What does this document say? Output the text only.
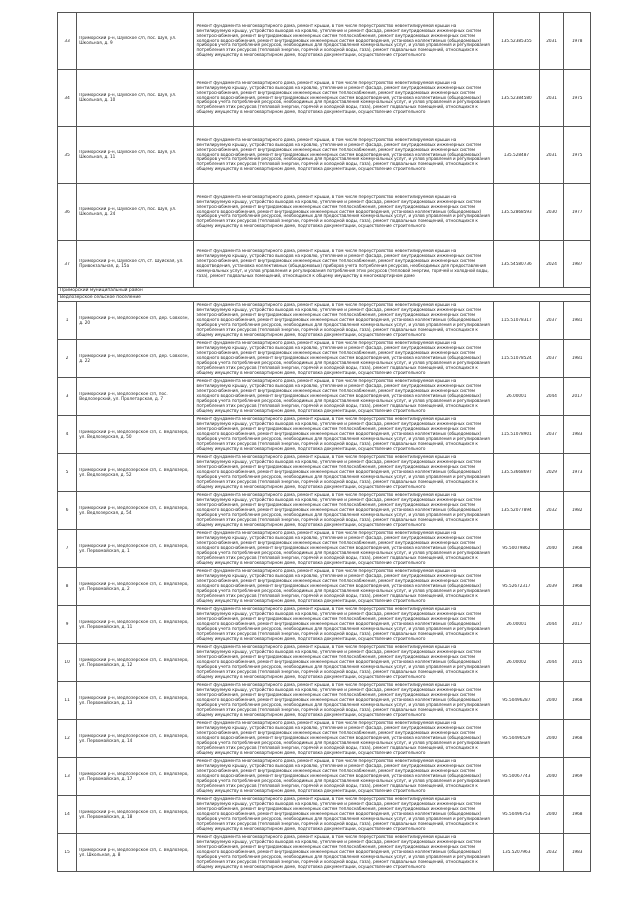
33	Приморский р-н, Шуйское с/п, пос. Шуя, ул. Школьная, д. 9	Ремонт фундамента многоквартирного дома, ремонт крыши, в том числе переустройство невентилируемой крыши на вентилируемую крышу, устройство выходов на кровлю, утепление и ремонт фасада, ремонт внутридомовых инженерных систем электроснабжения, ремонт внутридомовых инженерных систем теплоснабжения, ремонт внутридомовых инженерных систем холодного водоснабжения, ремонт внутридомовых инженерных систем водоотведения, установка коллективных (общедомовых) приборов учета потребления ресурсов, необходимых для предоставления коммунальных услуг, и узлов управления и регулирования потребления этих ресурсов (тепловой энергии, горячей и холодной воды, газа), ремонт подвальных помещений, относящихся к общему имуществу в многоквартирном доме, подготовка документации, осуществление строительного	135.52385355	2031	1978

34	Приморский р-н, Шуйское с/п, пос. Шуя, ул. Школьная, д. 10	Ремонт фундамента многоквартирного дома, ремонт крыши, в том числе переустройство невентилируемой крыши на вентилируемую крышу, устройство выходов на кровлю, утепление и ремонт фасада, ремонт внутридомовых инженерных систем электроснабжения, ремонт внутридомовых инженерных систем теплоснабжения, ремонт внутридомовых инженерных систем холодного водоснабжения, ремонт внутридомовых инженерных систем водоотведения, установка коллективных (общедомовых) приборов учета потребления ресурсов, необходимых для предоставления коммунальных услуг, и узлов управления и регулирования потребления этих ресурсов (тепловой энергии, горячей и холодной воды, газа), ремонт подвальных помещений, относящихся к общему имуществу в многоквартирном доме, подготовка документации, осуществление строительного	135.52384580	2031	1975

35	Приморский р-н, Шуйское с/п, пос. Шуя, ул. Школьная, д. 11	Ремонт фундамента многоквартирного дома, ремонт крыши, в том числе переустройство невентилируемой крыши на вентилируемую крышу, устройство выходов на кровлю, утепление и ремонт фасада, ремонт внутридомовых инженерных систем электроснабжения, ремонт внутридомовых инженерных систем теплоснабжения, ремонт внутридомовых инженерных систем холодного водоснабжения, ремонт внутридомовых инженерных систем водоотведения, установка коллективных (общедомовых) приборов учета потребления ресурсов, необходимых для предоставления коммунальных услуг, и узлов управления и регулирования потребления этих ресурсов (тепловой энергии, горячей и холодной воды, газа), ремонт подвальных помещений, относящихся к общему имуществу в многоквартирном доме, подготовка документации, осуществление строительного	135.528487	2031	1975

36	Приморский р-н, Шуйское с/п, пос. Шуя, ул. Школьная, д. 24	Ремонт фундамента многоквартирного дома, ремонт крыши, в том числе переустройство невентилируемой крыши на вентилируемую крышу, устройство выходов на кровлю, утепление и ремонт фасада, ремонт внутридомовых инженерных систем электроснабжения, ремонт внутридомовых инженерных систем теплоснабжения, ремонт внутридомовых инженерных систем холодного водоснабжения, ремонт внутридомовых инженерных систем водоотведения, установка коллективных (общедомовых) приборов учета потребления ресурсов, необходимых для предоставления коммунальных услуг, и узлов управления и регулирования потребления этих ресурсов (тепловой энергии, горячей и холодной воды, газа), ремонт подвальных помещений, относящихся к общему имуществу в многоквартирном доме, подготовка документации, осуществление строительного	135.52868593	2030	1977

37	Приморский р-н, Шуйское с/п, ст. Шуйская, ул. Привокзальная, д. 15а	Ремонт фундамента многоквартирного дома, ремонт крыши, в том числе переустройство невентилируемой крыши на вентилируемую крышу, устройство выходов на кровлю, утепление и ремонт фасада, ремонт внутридомовых инженерных систем электроснабжения, ремонт внутридомовых инженерных систем теплоснабжения, ремонт внутридомовых инженерных систем водоотведения, установка коллективных (общедомовых) приборов учета потребления ресурсов, необходимых для предоставления коммунальных услуг, и узлов управления и регулирования потребления этих ресурсов (тепловой энергии, горячей и холодной воды, газа), ремонт подвальных помещений, относящихся к общему имуществу в многоквартирном доме	135.54580736	2024	1987

Приморский муниципальный район					
Ведлозерское сельское поселение					

1	Приморский р-н, Ведлозерское с/п, дер. Совхозн, д. 20	Ремонт фундамента многоквартирного дома, ремонт крыши, в том числе переустройство невентилируемой крыши на вентилируемую крышу, устройство выходов на кровлю, утепление и ремонт фасада, ремонт внутридомовых инженерных систем электроснабжения, ремонт внутридомовых инженерных систем теплоснабжения, ремонт внутридомовых инженерных систем холодного водоснабжения, ремонт внутридомовых инженерных систем водоотведения, установка коллективных (общедомовых) приборов учета потребления ресурсов, необходимых для предоставления коммунальных услуг, и узлов управления и регулирования потребления этих ресурсов (тепловой энергии, горячей и холодной воды, газа), ремонт подвальных помещений, относящихся к общему имуществу в многоквартирном доме, подготовка документации, осуществление строительного	115.51078317	2037	1981

2	Приморский р-н, Ведлозерское с/п, дер. Совхозн, д. 22	Ремонт фундамента многоквартирного дома, ремонт крыши, в том числе переустройство невентилируемой крыши на вентилируемую крышу, устройство выходов на кровлю, утепление и ремонт фасада, ремонт внутридомовых инженерных систем электроснабжения, ремонт внутридомовых инженерных систем теплоснабжения, ремонт внутридомовых инженерных систем холодного водоснабжения, ремонт внутридомовых инженерных систем водоотведения, установка коллективных (общедомовых) приборов учета потребления ресурсов, необходимых для предоставления коммунальных услуг, и узлов управления и регулирования потребления этих ресурсов (тепловой энергии, горячей и холодной воды, газа), ремонт подвальных помещений, относящихся к общему имуществу в многоквартирном доме, подготовка документации, осуществление строительного	115.51078524	2037	1981

3	Приморский р-н, Ведлозерское с/п, пос. Ведлозерский, ул. Пролетарская, д. 7	Ремонт фундамента многоквартирного дома, ремонт крыши, в том числе переустройство невентилируемой крыши на вентилируемую крышу, устройство выходов на кровлю, утепление и ремонт фасада, ремонт внутридомовых инженерных систем электроснабжения, ремонт внутридомовых инженерных систем теплоснабжения, ремонт внутридомовых инженерных систем холодного водоснабжения, ремонт внутридомовых инженерных систем водоотведения, установка коллективных (общедомовых) приборов учета потребления ресурсов, необходимых для предоставления коммунальных услуг, и узлов управления и регулирования потребления этих ресурсов (тепловой энергии, горячей и холодной воды, газа), ремонт подвальных помещений, относящихся к общему имуществу в многоквартирном доме, подготовка документации, осуществление строительного	26.00001	2044	2017

4	Приморский р-н, Ведлозерское с/п, с. Ведлозеро, ул. Ведлозерская, д. 50	Ремонт фундамента многоквартирного дома, ремонт крыши, в том числе переустройство невентилируемой крыши на вентилируемую крышу, устройство выходов на кровлю, утепление и ремонт фасада, ремонт внутридомовых инженерных систем электроснабжения, ремонт внутридомовых инженерных систем теплоснабжения, ремонт внутридомовых инженерных систем холодного водоснабжения, ремонт внутридомовых инженерных систем водоотведения, установка коллективных (общедомовых) приборов учета потребления ресурсов, необходимых для предоставления коммунальных услуг, и узлов управления и регулирования потребления этих ресурсов (тепловой энергии, горячей и холодной воды, газа), ремонт подвальных помещений, относящихся к общему имуществу в многоквартирном доме, подготовка документации, осуществление строительного	115.51078901	2037	1983

5	Приморский р-н, Ведлозерское с/п, с. Ведлозеро, ул. Ведлозерская, д. 52	Ремонт фундамента многоквартирного дома, ремонт крыши, в том числе переустройство невентилируемой крыши на вентилируемую крышу, устройство выходов на кровлю, утепление и ремонт фасада, ремонт внутридомовых инженерных систем электроснабжения, ремонт внутридомовых инженерных систем теплоснабжения, ремонт внутридомовых инженерных систем холодного водоснабжения, ремонт внутридомовых инженерных систем водоотведения, установка коллективных (общедомовых) приборов учета потребления ресурсов, необходимых для предоставления коммунальных услуг, и узлов управления и регулирования потребления этих ресурсов (тепловой энергии, горячей и холодной воды, газа), ремонт подвальных помещений, относящихся к общему имуществу в многоквартирном доме, подготовка документации, осуществление строительного	135.53668697	2029	1973

6	Приморский р-н, Ведлозерское с/п, с. Ведлозеро, ул. Ведлозерская, д. 54	Ремонт фундамента многоквартирного дома, ремонт крыши, в том числе переустройство невентилируемой крыши на вентилируемую крышу, устройство выходов на кровлю, утепление и ремонт фасада, ремонт внутридомовых инженерных систем электроснабжения, ремонт внутридомовых инженерных систем теплоснабжения, ремонт внутридомовых инженерных систем холодного водоснабжения, ремонт внутридомовых инженерных систем водоотведения, установка коллективных (общедомовых) приборов учета потребления ресурсов, необходимых для предоставления коммунальных услуг, и узлов управления и регулирования потребления этих ресурсов (тепловой энергии, горячей и холодной воды, газа), ремонт подвальных помещений, относящихся к общему имуществу в многоквартирном доме, подготовка документации, осуществление строительного	135.52077894	2032	1982

7	Приморский р-н, Ведлозерское с/п, с. Ведлозеро, ул. Первомайская, д. 1	Ремонт фундамента многоквартирного дома, ремонт крыши, в том числе переустройство невентилируемой крыши на вентилируемую крышу, устройство выходов на кровлю, утепление и ремонт фасада, ремонт внутридомовых инженерных систем электроснабжения, ремонт внутридомовых инженерных систем теплоснабжения, ремонт внутридомовых инженерных систем холодного водоснабжения, ремонт внутридомовых инженерных систем водоотведения, установка коллективных (общедомовых) приборов учета потребления ресурсов, необходимых для предоставления коммунальных услуг, и узлов управления и регулирования потребления этих ресурсов (тепловой энергии, горячей и холодной воды, газа), ремонт подвальных помещений, относящихся к общему имуществу в многоквартирном доме, подготовка документации, осуществление строительного	95.50079862	2040	1968

8	Приморский р-н, Ведлозерское с/п, с. Ведлозеро, ул. Первомайская, д. 2	Ремонт фундамента многоквартирного дома, ремонт крыши, в том числе переустройство невентилируемой крыши на вентилируемую крышу, устройство выходов на кровлю, утепление и ремонт фасада, ремонт внутридомовых инженерных систем электроснабжения, ремонт внутридомовых инженерных систем теплоснабжения, ремонт внутридомовых инженерных систем холодного водоснабжения, ремонт внутридомовых инженерных систем водоотведения, установка коллективных (общедомовых) приборов учета потребления ресурсов, необходимых для предоставления коммунальных услуг, и узлов управления и регулирования потребления этих ресурсов (тепловой энергии, горячей и холодной воды, газа), ремонт подвальных помещений, относящихся к общему имуществу в многоквартирном доме, подготовка документации, осуществление строительного	95.52672317	2039	1968

9	Приморский р-н, Ведлозерское с/п, с. Ведлозеро, ул. Первомайская, д. 11	Ремонт фундамента многоквартирного дома, ремонт крыши, в том числе переустройство невентилируемой крыши на вентилируемую крышу, устройство выходов на кровлю, утепление и ремонт фасада, ремонт внутридомовых инженерных систем электроснабжения, ремонт внутридомовых инженерных систем теплоснабжения, ремонт внутридомовых инженерных систем холодного водоснабжения, ремонт внутридомовых инженерных систем водоотведения, установка коллективных (общедомовых) приборов учета потребления ресурсов, необходимых для предоставления коммунальных услуг, и узлов управления и регулирования потребления этих ресурсов (тепловой энергии, горячей и холодной воды, газа), ремонт подвальных помещений, относящихся к общему имуществу в многоквартирном доме, подготовка документации, осуществление строительного	26.00001	2044	2017

10	Приморский р-н, Ведлозерское с/п, с. Ведлозеро, ул. Первомайская, д. 12	Ремонт фундамента многоквартирного дома, ремонт крыши, в том числе переустройство невентилируемой крыши на вентилируемую крышу, устройство выходов на кровлю, утепление и ремонт фасада, ремонт внутридомовых инженерных систем электроснабжения, ремонт внутридомовых инженерных систем теплоснабжения, ремонт внутридомовых инженерных систем холодного водоснабжения, ремонт внутридомовых инженерных систем водоотведения, установка коллективных (общедомовых) приборов учета потребления ресурсов, необходимых для предоставления коммунальных услуг, и узлов управления и регулирования потребления этих ресурсов (тепловой энергии, горячей и холодной воды, газа), ремонт подвальных помещений, относящихся к общему имуществу в многоквартирном доме, подготовка документации, осуществление строительного	26.00002	2044	2015

11	Приморский р-н, Ведлозерское с/п, с. Ведлозеро, ул. Первомайская, д. 13	Ремонт фундамента многоквартирного дома, ремонт крыши, в том числе переустройство невентилируемой крыши на вентилируемую крышу, устройство выходов на кровлю, утепление и ремонт фасада, ремонт внутридомовых инженерных систем электроснабжения, ремонт внутридомовых инженерных систем теплоснабжения, ремонт внутридомовых инженерных систем холодного водоснабжения, ремонт внутридомовых инженерных систем водоотведения, установка коллективных (общедомовых) приборов учета потребления ресурсов, необходимых для предоставления коммунальных услуг, и узлов управления и регулирования потребления этих ресурсов (тепловой энергии, горячей и холодной воды, газа), ремонт подвальных помещений, относящихся к общему имуществу в многоквартирном доме, подготовка документации, осуществление строительного	95.50496287	2040	1968

12	Приморский р-н, Ведлозерское с/п, с. Ведлозеро, ул. Первомайская, д. 14	Ремонт фундамента многоквартирного дома, ремонт крыши, в том числе переустройство невентилируемой крыши на вентилируемую крышу, устройство выходов на кровлю, утепление и ремонт фасада, ремонт внутридомовых инженерных систем электроснабжения, ремонт внутридомовых инженерных систем теплоснабжения, ремонт внутридомовых инженерных систем холодного водоснабжения, ремонт внутридомовых инженерных систем водоотведения, установка коллективных (общедомовых) приборов учета потребления ресурсов, необходимых для предоставления коммунальных услуг, и узлов управления и регулирования потребления этих ресурсов (тепловой энергии, горячей и холодной воды, газа), ремонт подвальных помещений, относящихся к общему имуществу в многоквартирном доме, подготовка документации, осуществление строительного	95.50496529	2040	1968

13	Приморский р-н, Ведлозерское с/п, с. Ведлозеро, ул. Первомайская, д. 17	Ремонт фундамента многоквартирного дома, ремонт крыши, в том числе переустройство невентилируемой крыши на вентилируемую крышу, устройство выходов на кровлю, утепление и ремонт фасада, ремонт внутридомовых инженерных систем электроснабжения, ремонт внутридомовых инженерных систем теплоснабжения, ремонт внутридомовых инженерных систем холодного водоснабжения, ремонт внутридомовых инженерных систем водоотведения, установка коллективных (общедомовых) приборов учета потребления ресурсов, необходимых для предоставления коммунальных услуг, и узлов управления и регулирования потребления этих ресурсов (тепловой энергии, горячей и холодной воды, газа), ремонт подвальных помещений, относящихся к общему имуществу в многоквартирном доме, подготовка документации, осуществление строительного	95.50067743	2040	1969

14	Приморский р-н, Ведлозерское с/п, с. Ведлозеро, ул. Первомайская, д. 18	Ремонт фундамента многоквартирного дома, ремонт крыши, в том числе переустройство невентилируемой крыши на вентилируемую крышу, устройство выходов на кровлю, утепление и ремонт фасада, ремонт внутридомовых инженерных систем электроснабжения, ремонт внутридомовых инженерных систем теплоснабжения, ремонт внутридомовых инженерных систем холодного водоснабжения, ремонт внутридомовых инженерных систем водоотведения, установка коллективных (общедомовых) приборов учета потребления ресурсов, необходимых для предоставления коммунальных услуг, и узлов управления и регулирования потребления этих ресурсов (тепловой энергии, горячей и холодной воды, газа), ремонт подвальных помещений, относящихся к общему имуществу в многоквартирном доме, подготовка документации, осуществление строительного	95.50496753	2040	1968

15	Приморский р-н, Ведлозерское с/п, с. Ведлозеро, ул. Школьная, д. 8	Ремонт фундамента многоквартирного дома, ремонт крыши, в том числе переустройство невентилируемой крыши на вентилируемую крышу, устройство выходов на кровлю, утепление и ремонт фасада, ремонт внутридомовых инженерных систем электроснабжения, ремонт внутридомовых инженерных систем теплоснабжения, ремонт внутридомовых инженерных систем холодного водоснабжения, ремонт внутридомовых инженерных систем водоотведения, установка коллективных (общедомовых) приборов учета потребления ресурсов, необходимых для предоставления коммунальных услуг, и узлов управления и регулирования потребления этих ресурсов (тепловой энергии, горячей и холодной воды, газа), ремонт подвальных помещений, относящихся к общему имуществу в многоквартирном доме, подготовка документации, осуществление строительного	135.5207963	2032	1983
